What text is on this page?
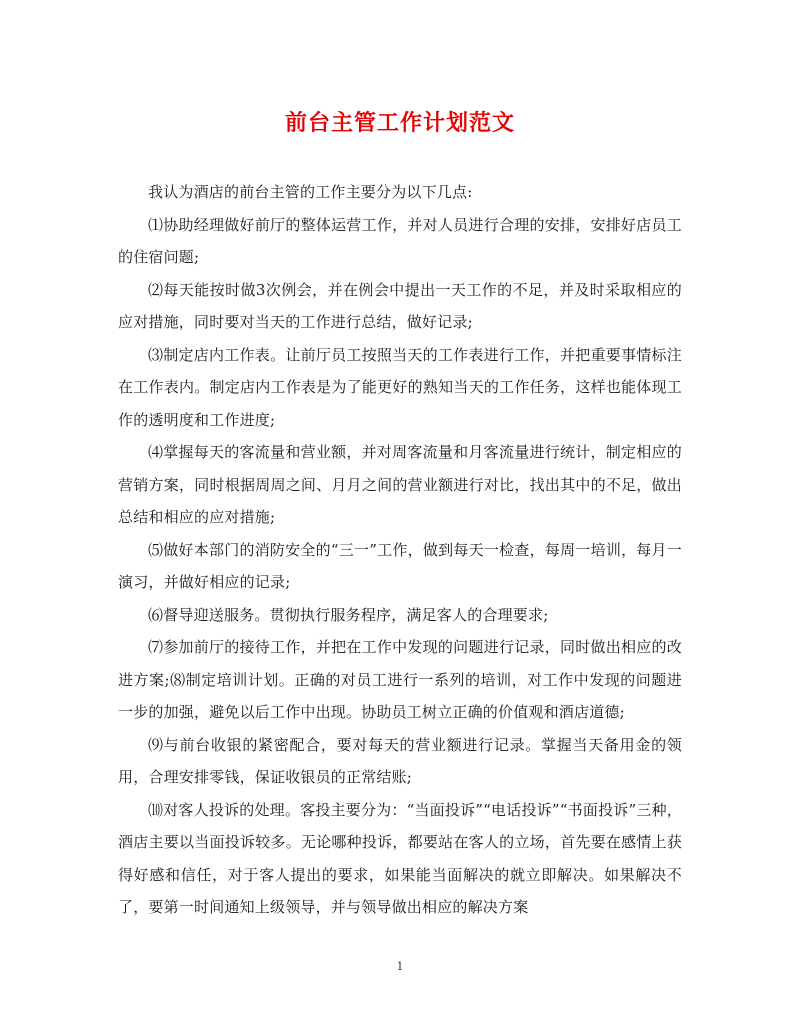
前台主管工作计划范文

我认为酒店的前台主管的工作主要分为以下几点:

⑴协助经理做好前厅的整体运营工作，并对人员进行合理的安排，安排好店员工的住宿问题;

⑵每天能按时做3次例会，并在例会中提出一天工作的不足，并及时采取相应的应对措施，同时要对当天的工作进行总结，做好记录;

⑶制定店内工作表。让前厅员工按照当天的工作表进行工作，并把重要事情标注在工作表内。制定店内工作表是为了能更好的熟知当天的工作任务，这样也能体现工作的透明度和工作进度;

⑷掌握每天的客流量和营业额，并对周客流量和月客流量进行统计，制定相应的营销方案，同时根据周周之间、月月之间的营业额进行对比，找出其中的不足，做出总结和相应的应对措施;

⑸做好本部门的消防安全的“三一”工作，做到每天一检查，每周一培训，每月一演习，并做好相应的记录;

⑹督导迎送服务。贯彻执行服务程序，满足客人的合理要求;

⑺参加前厅的接待工作，并把在工作中发现的问题进行记录，同时做出相应的改进方案;⑻制定培训计划。正确的对员工进行一系列的培训，对工作中发现的问题进一步的加强，避免以后工作中出现。协助员工树立正确的价值观和酒店道德;

⑼与前台收银的紧密配合，要对每天的营业额进行记录。掌握当天备用金的领用，合理安排零钱，保证收银员的正常结账;

⑽对客人投诉的处理。客投主要分为：“当面投诉”“电话投诉”“书面投诉”三种，酒店主要以当面投诉较多。无论哪种投诉，都要站在客人的立场，首先要在感情上获得好感和信任，对于客人提出的要求，如果能当面解决的就立即解决。如果解决不了，要第一时间通知上级领导，并与领导做出相应的解决方案

1
